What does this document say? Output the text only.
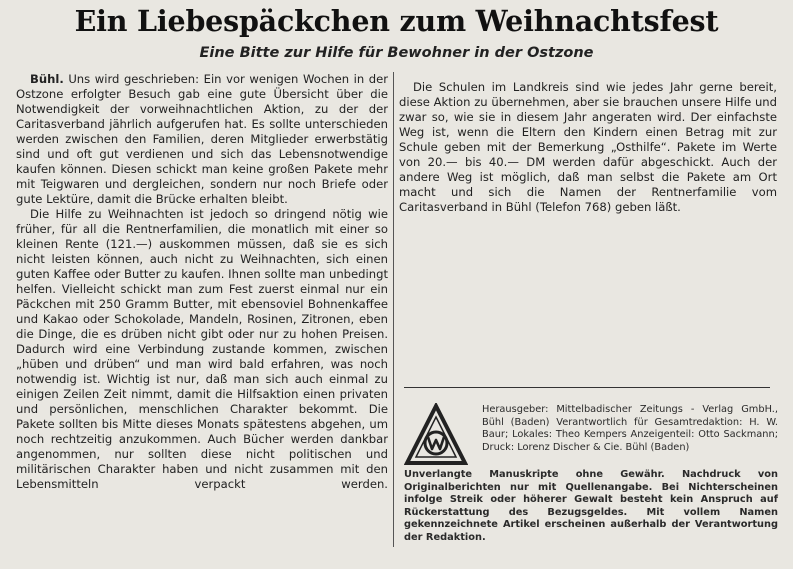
Ein Liebespäckchen zum Weihnachtsfest
Eine Bitte zur Hilfe für Bewohner in der Ostzone

Bühl. Uns wird geschrieben: Ein vor wenigen Wochen in der Ostzone erfolgter Besuch gab eine gute Übersicht über die Notwendigkeit der vorweihnachtlichen Aktion, zu der der Caritasverband jährlich aufgerufen hat. Es sollte unterschieden werden zwischen den Familien, deren Mitglieder erwerbstätig sind und oft gut verdienen und sich das Lebensnotwendige kaufen können. Diesen schickt man keine großen Pakete mehr mit Teigwaren und dergleichen, sondern nur noch Briefe oder gute Lektüre, damit die Brücke erhalten bleibt.

Die Hilfe zu Weihnachten ist jedoch so dringend nötig wie früher, für all die Rentnerfamilien, die monatlich mit einer so kleinen Rente (121.—) auskommen müssen, daß sie es sich nicht leisten können, auch nicht zu Weihnachten, sich einen guten Kaffee oder Butter zu kaufen. Ihnen sollte man unbedingt helfen. Vielleicht schickt man zum Fest zuerst einmal nur ein Päckchen mit 250 Gramm Butter, mit ebensoviel Bohnenkaffee und Kakao oder Schokolade, Mandeln, Rosinen, Zitronen, eben die Dinge, die es drüben nicht gibt oder nur zu hohen Preisen. Dadurch wird eine Verbindung zustande kommen, zwischen „hüben und drüben“ und man wird bald erfahren, was noch notwendig ist. Wichtig ist nur, daß man sich auch einmal zu einigen Zeilen Zeit nimmt, damit die Hilfsaktion einen privaten und persönlichen, menschlichen Charakter bekommt. Die Pakete sollten bis Mitte dieses Monats spätestens abgehen, um noch rechtzeitig anzukommen. Auch Bücher werden dankbar angenommen, nur sollten diese nicht politischen und militärischen Charakter haben und nicht zusammen mit den Lebensmitteln verpackt werden.

Die Schulen im Landkreis sind wie jedes Jahr gerne bereit, diese Aktion zu übernehmen, aber sie brauchen unsere Hilfe und zwar so, wie sie in diesem Jahr angeraten wird. Der einfachste Weg ist, wenn die Eltern den Kindern einen Betrag mit zur Schule geben mit der Bemerkung „Osthilfe“. Pakete im Werte von 20.— bis 40.— DM werden dafür abgeschickt. Auch der andere Weg ist möglich, daß man selbst die Pakete am Ort macht und sich die Namen der Rentnerfamilie vom Caritasverband in Bühl (Telefon 768) geben läßt.

Herausgeber: Mittelbadischer Zeitungs - Verlag GmbH., Bühl (Baden) Verantwortlich für Gesamtredaktion: H. W. Baur; Lokales: Theo Kempers Anzeigenteil: Otto Sackmann; Druck: Lorenz Discher & Cie. Bühl (Baden)
Unverlangte Manuskripte ohne Gewähr. Nachdruck von Originalberichten nur mit Quellenangabe. Bei Nichterscheinen infolge Streik oder höherer Gewalt besteht kein Anspruch auf Rückerstattung des Bezugsgeldes. Mit vollem Namen gekennzeichnete Artikel erscheinen außerhalb der Verantwortung der Redaktion.
